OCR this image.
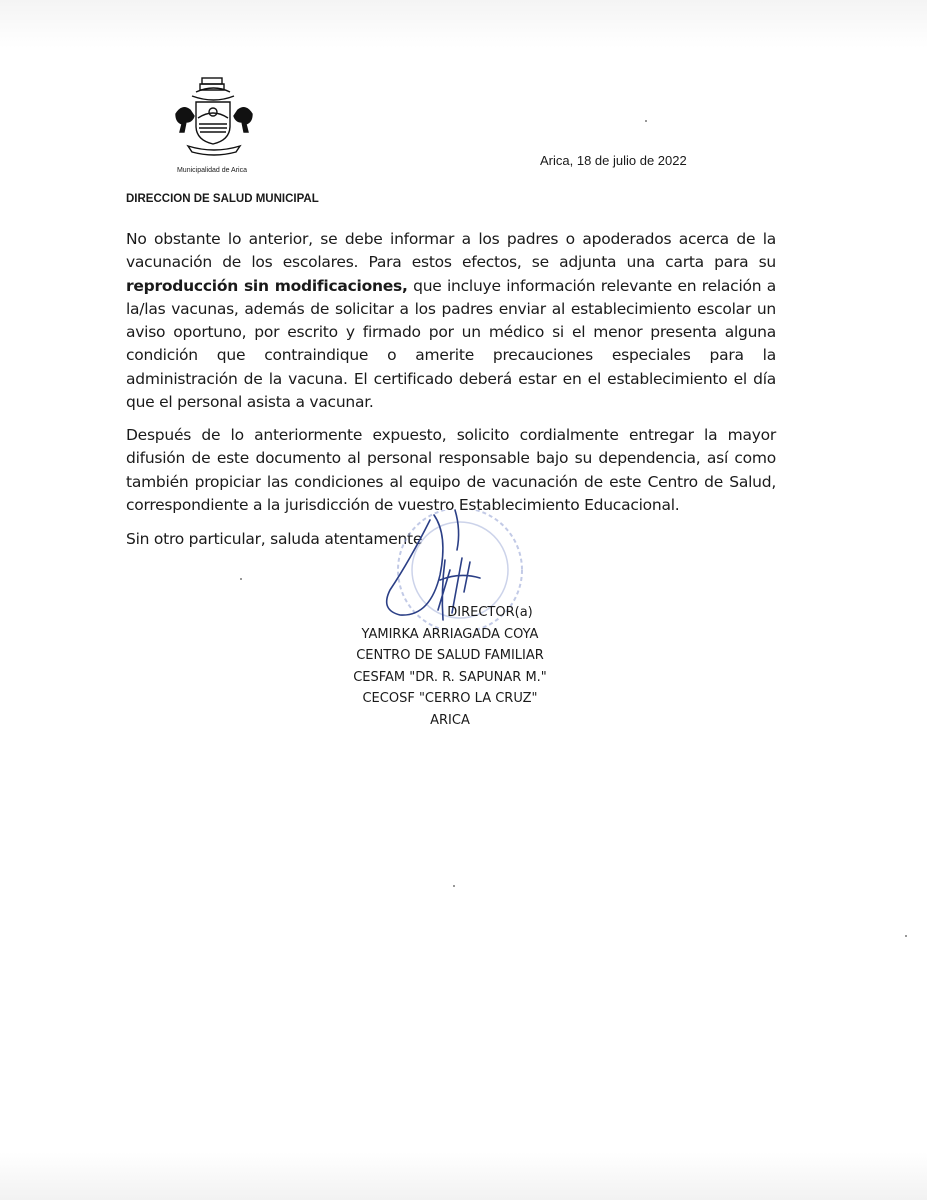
Municipalidad de Arica
Arica, 18 de julio de 2022
DIRECCION DE SALUD MUNICIPAL
No obstante lo anterior, se debe informar a los padres o apoderados acerca de la vacunación de los escolares. Para estos efectos, se adjunta una carta para su reproducción sin modificaciones, que incluye información relevante en relación a la/las vacunas, además de solicitar a los padres enviar al establecimiento escolar un aviso oportuno, por escrito y firmado por un médico si el menor presenta alguna condición que contraindique o amerite precauciones especiales para la administración de la vacuna. El certificado deberá estar en el establecimiento el día que el personal asista a vacunar.
Después de lo anteriormente expuesto, solicito cordialmente entregar la mayor difusión de este documento al personal responsable bajo su dependencia, así como también propiciar las condiciones al equipo de vacunación de este Centro de Salud, correspondiente a la jurisdicción de vuestro Establecimiento Educacional.
Sin otro particular, saluda atentamente
DIRECTOR(a)
YAMIRKA ARRIAGADA COYA
CENTRO DE SALUD FAMILIAR
CESFAM "DR. R. SAPUNAR M."
CECOSF "CERRO LA CRUZ"
ARICA
